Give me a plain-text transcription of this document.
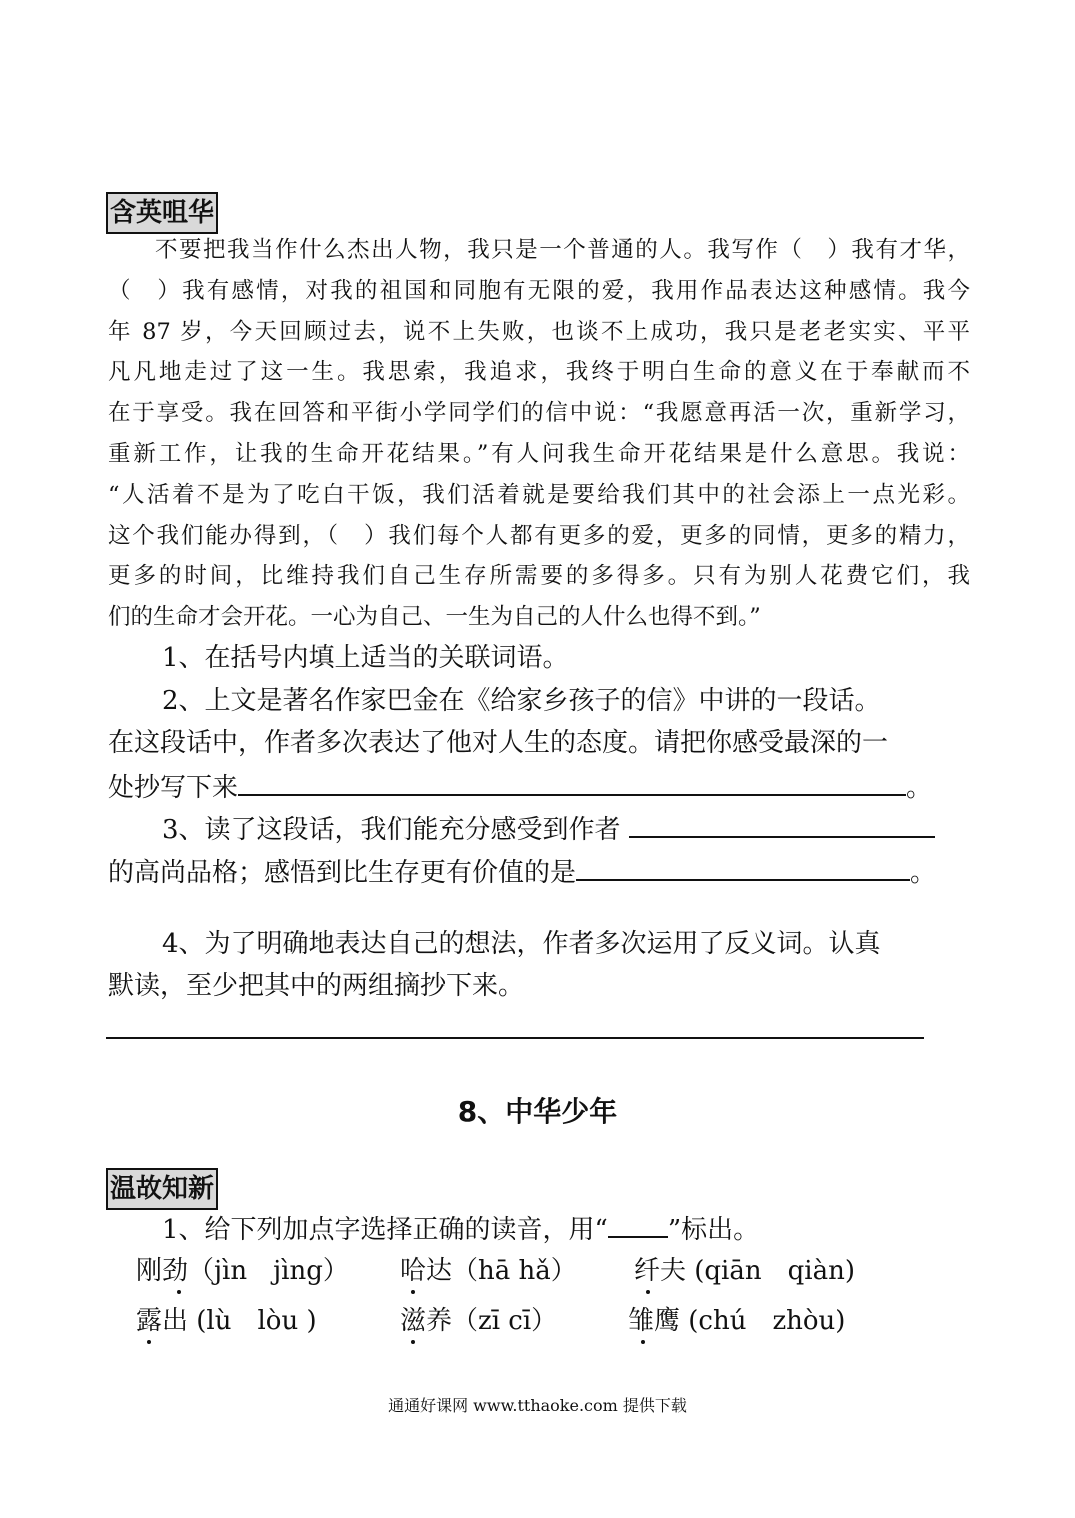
含英咀华
不要把我当作什么杰出人物，我只是一个普通的人。我写作（　）我有才华，
（　）我有感情，对我的祖国和同胞有无限的爱，我用作品表达这种感情。我今
年 87 岁，今天回顾过去，说不上失败，也谈不上成功，我只是老老实实、平平
凡凡地走过了这一生。我思索，我追求，我终于明白生命的意义在于奉献而不
在于享受。我在回答和平街小学同学们的信中说：“我愿意再活一次，重新学习，
重新工作，让我的生命开花结果。”有人问我生命开花结果是什么意思。我说：
“人活着不是为了吃白干饭，我们活着就是要给我们其中的社会添上一点光彩。
这个我们能办得到，（　）我们每个人都有更多的爱，更多的同情，更多的精力，
更多的时间，比维持我们自己生存所需要的多得多。只有为别人花费它们，我
们的生命才会开花。一心为自己、一生为自己的人什么也得不到。”
1、在括号内填上适当的关联词语。
2、上文是著名作家巴金在《给家乡孩子的信》中讲的一段话。
在这段话中，作者多次表达了他对人生的态度。请把你感受最深的一
处抄写下来	。
3、读了这段话，我们能充分感受到作者
的高尚品格；感悟到比生存更有价值的是	。
4、为了明确地表达自己的想法，作者多次运用了反义词。认真
默读，至少把其中的两组摘抄下来。
8、中华少年
温故知新
1、给下列加点字选择正确的读音，用“ ”标出。
刚劲（jìn　jìng） 哈达（hā hǎ） 纤夫 (qiān　qiàn)
露出 (lù　lòu )	滋养（zī cī）	雏鹰 (chú　zhòu)
通通好课网 www.tthaoke.com 提供下载
